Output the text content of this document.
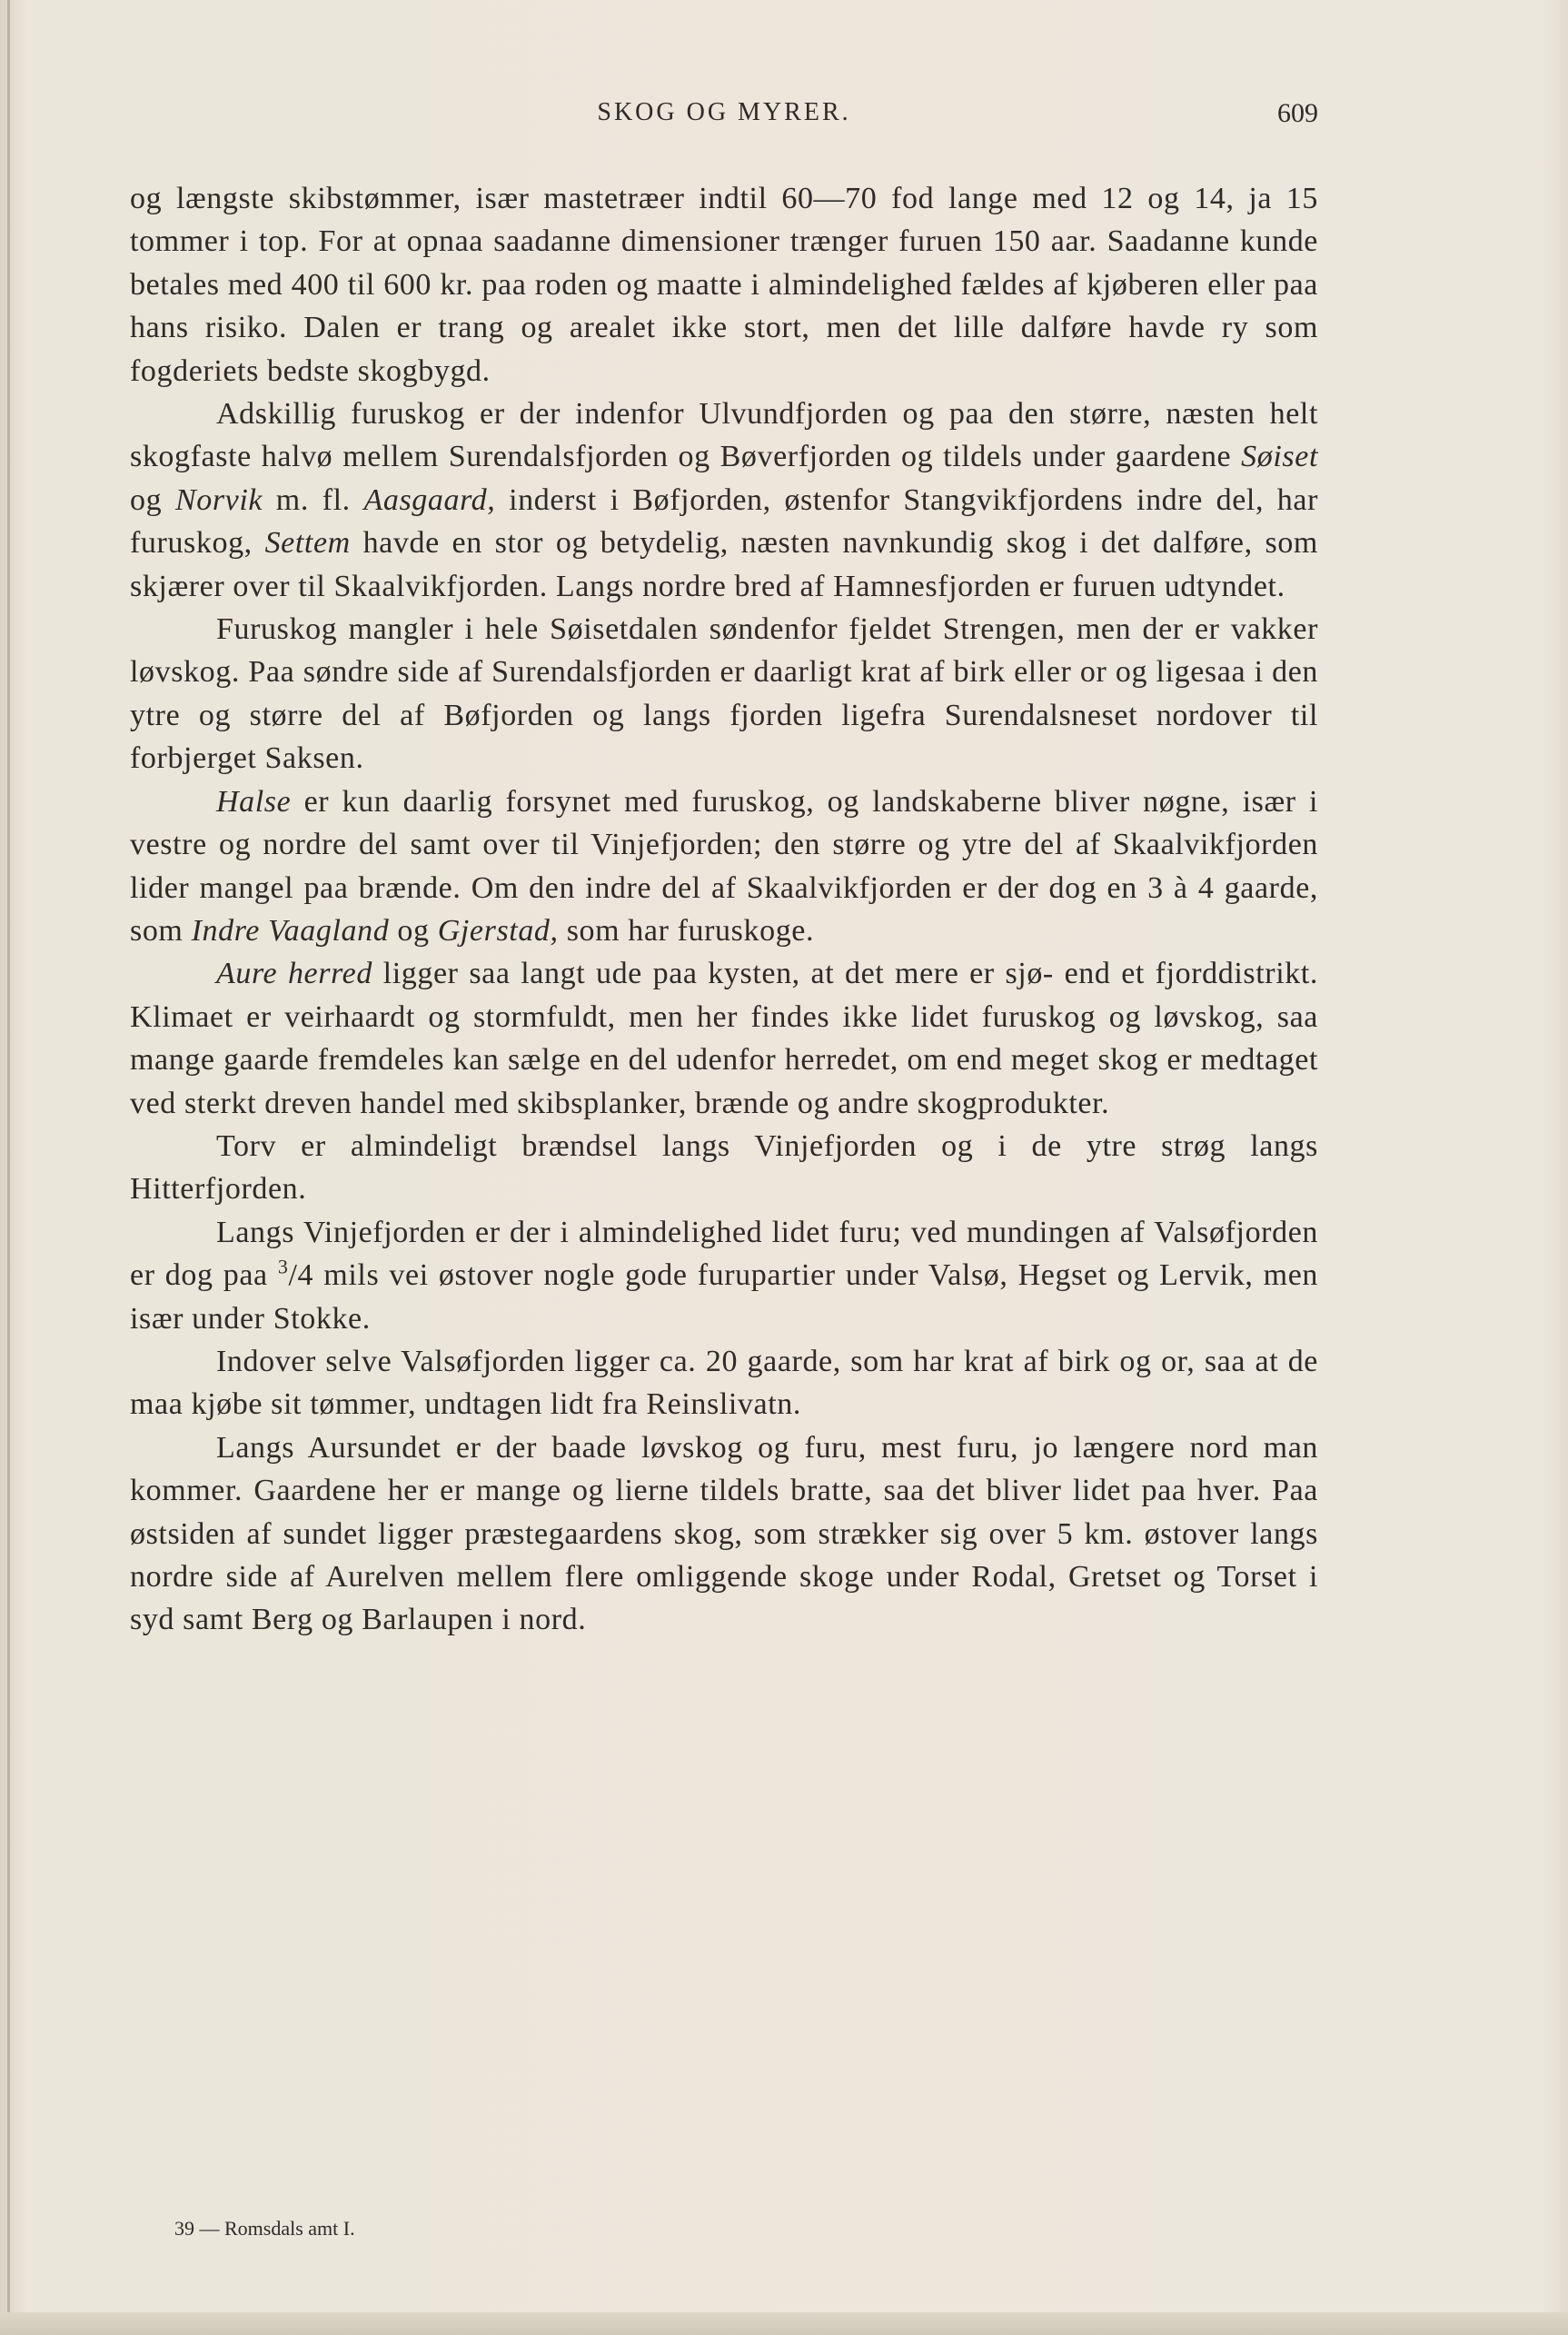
SKOG OG MYRER.	609

og længste skibstømmer, især mastetræer indtil 60—70 fod lange med 12 og 14, ja 15 tommer i top. For at opnaa saadanne dimensioner trænger furuen 150 aar. Saadanne kunde betales med 400 til 600 kr. paa roden og maatte i almindelighed fældes af kjøberen eller paa hans risiko. Dalen er trang og arealet ikke stort, men det lille dalføre havde ry som fogderiets bedste skogbygd.

Adskillig furuskog er der indenfor Ulvundfjorden og paa den større, næsten helt skogfaste halvø mellem Surendalsfjorden og Bøverfjorden og tildels under gaardene Søiset og Norvik m. fl. Aasgaard, inderst i Bøfjorden, østenfor Stangvikfjordens indre del, har furuskog, Settem havde en stor og betydelig, næsten navnkundig skog i det dalføre, som skjærer over til Skaalvikfjorden. Langs nordre bred af Hamnesfjorden er furuen udtyndet.

Furuskog mangler i hele Søisetdalen søndenfor fjeldet Strengen, men der er vakker løvskog. Paa søndre side af Surendalsfjorden er daarligt krat af birk eller or og ligesaa i den ytre og større del af Bøfjorden og langs fjorden ligefra Surendalsneset nordover til forbjerget Saksen.

Halse er kun daarlig forsynet med furuskog, og landskaberne bliver nøgne, især i vestre og nordre del samt over til Vinjefjorden; den større og ytre del af Skaalvikfjorden lider mangel paa brænde. Om den indre del af Skaalvikfjorden er der dog en 3 à 4 gaarde, som Indre Vaagland og Gjerstad, som har furuskoge.

Aure herred ligger saa langt ude paa kysten, at det mere er sjø- end et fjorddistrikt. Klimaet er veirhaardt og stormfuldt, men her findes ikke lidet furuskog og løvskog, saa mange gaarde fremdeles kan sælge en del udenfor herredet, om end meget skog er medtaget ved sterkt dreven handel med skibsplanker, brænde og andre skogprodukter.

Torv er almindeligt brændsel langs Vinjefjorden og i de ytre strøg langs Hitterfjorden.

Langs Vinjefjorden er der i almindelighed lidet furu; ved mundingen af Valsøfjorden er dog paa $^3$/4 mils vei østover nogle gode furupartier under Valsø, Hegset og Lervik, men især under Stokke.

Indover selve Valsøfjorden ligger ca. 20 gaarde, som har krat af birk og or, saa at de maa kjøbe sit tømmer, undtagen lidt fra Reinslivatn.

Langs Aursundet er der baade løvskog og furu, mest furu, jo længere nord man kommer. Gaardene her er mange og lierne tildels bratte, saa det bliver lidet paa hver. Paa østsiden af sundet ligger præstegaardens skog, som strækker sig over 5 km. østover langs nordre side af Aurelven mellem flere omliggende skoge under Rodal, Gretset og Torset i syd samt Berg og Barlaupen i nord.

39 — Romsdals amt I.
